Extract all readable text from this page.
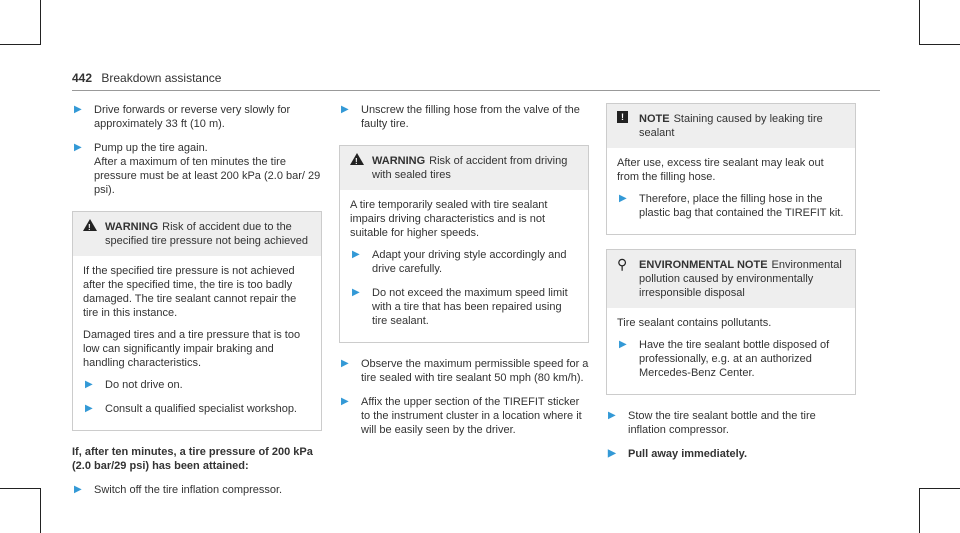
442 Breakdown assistance
▶ Drive forwards or reverse very slowly for approximately 33 ft (10 m).
▶ Pump up the tire again.
After a maximum of ten minutes the tire pressure must be at least 200 kPa (2.0 bar/ 29 psi).
!
WARNING Risk of accident due to the specified tire pressure not being achieved

If the specified tire pressure is not achieved after the specified time, the tire is too badly damaged. The tire sealant cannot repair the tire in this instance.

Damaged tires and a tire pressure that is too low can significantly impair braking and handling characteristics.

▶ Do not drive on.
▶ Consult a qualified specialist workshop.
If, after ten minutes, a tire pressure of 200 kPa (2.0 bar/29 psi) has been attained:
▶ Switch off the tire inflation compressor.
▶ Unscrew the filling hose from the valve of the faulty tire.
!
WARNING Risk of accident from driving with sealed tires

A tire temporarily sealed with tire sealant impairs driving characteristics and is not suitable for higher speeds.

▶ Adapt your driving style accordingly and drive carefully.
▶ Do not exceed the maximum speed limit with a tire that has been repaired using tire sealant.
▶ Observe the maximum permissible speed for a tire sealed with tire sealant 50 mph (80 km/h).
▶ Affix the upper section of the TIREFIT sticker to the instrument cluster in a location where it will be easily seen by the driver.
!	NOTE Staining caused by leaking tire sealant

After use, excess tire sealant may leak out from the filling hose.

▶ Therefore, place the filling hose in the plastic bag that contained the TIREFIT kit.
⚲	ENVIRONMENTAL NOTE Environmental pollution caused by environmentally irresponsible disposal

Tire sealant contains pollutants.

▶ Have the tire sealant bottle disposed of professionally, e.g. at an authorized Mercedes-Benz Center.
▶ Stow the tire sealant bottle and the tire inflation compressor.
▶ Pull away immediately.
